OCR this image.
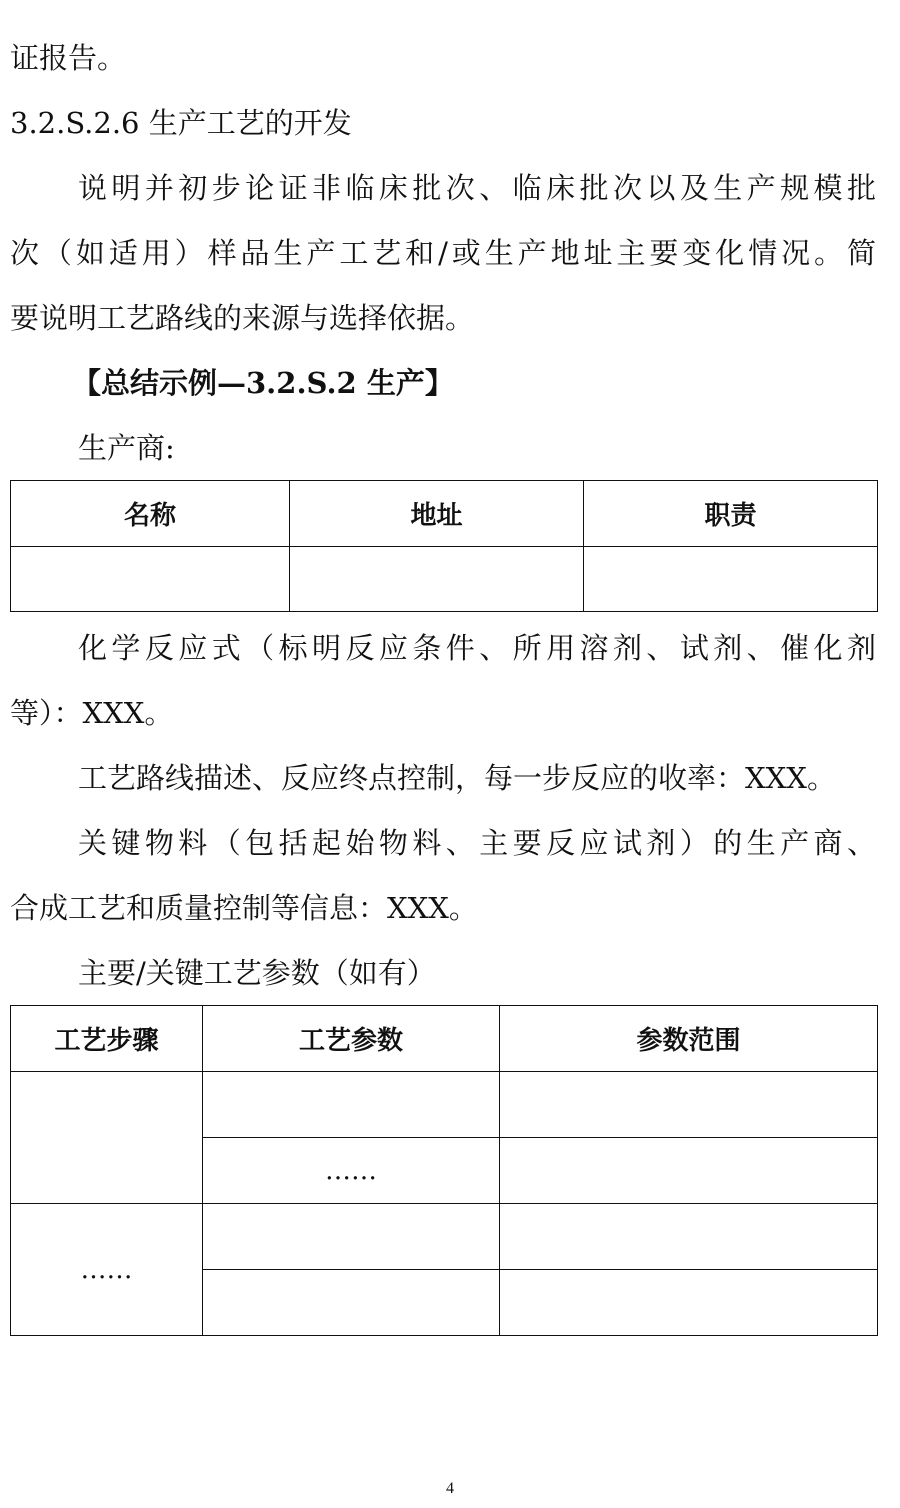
证报告。
3.2.S.2.6 生产工艺的开发
说明并初步论证非临床批次、临床批次以及生产规模批
次（如适用）样品生产工艺和/或生产地址主要变化情况。简
要说明工艺路线的来源与选择依据。
【总结示例—3.2.S.2 生产】
生产商:
名称	地址	职责

化学反应式（标明反应条件、所用溶剂、试剂、催化剂
等）：XXX。
工艺路线描述、反应终点控制，每一步反应的收率：XXX。
关键物料（包括起始物料、主要反应试剂）的生产商、
合成工艺和质量控制等信息：XXX。
主要/关键工艺参数（如有）
工艺步骤	工艺参数	参数范围

	……	
……		

4
